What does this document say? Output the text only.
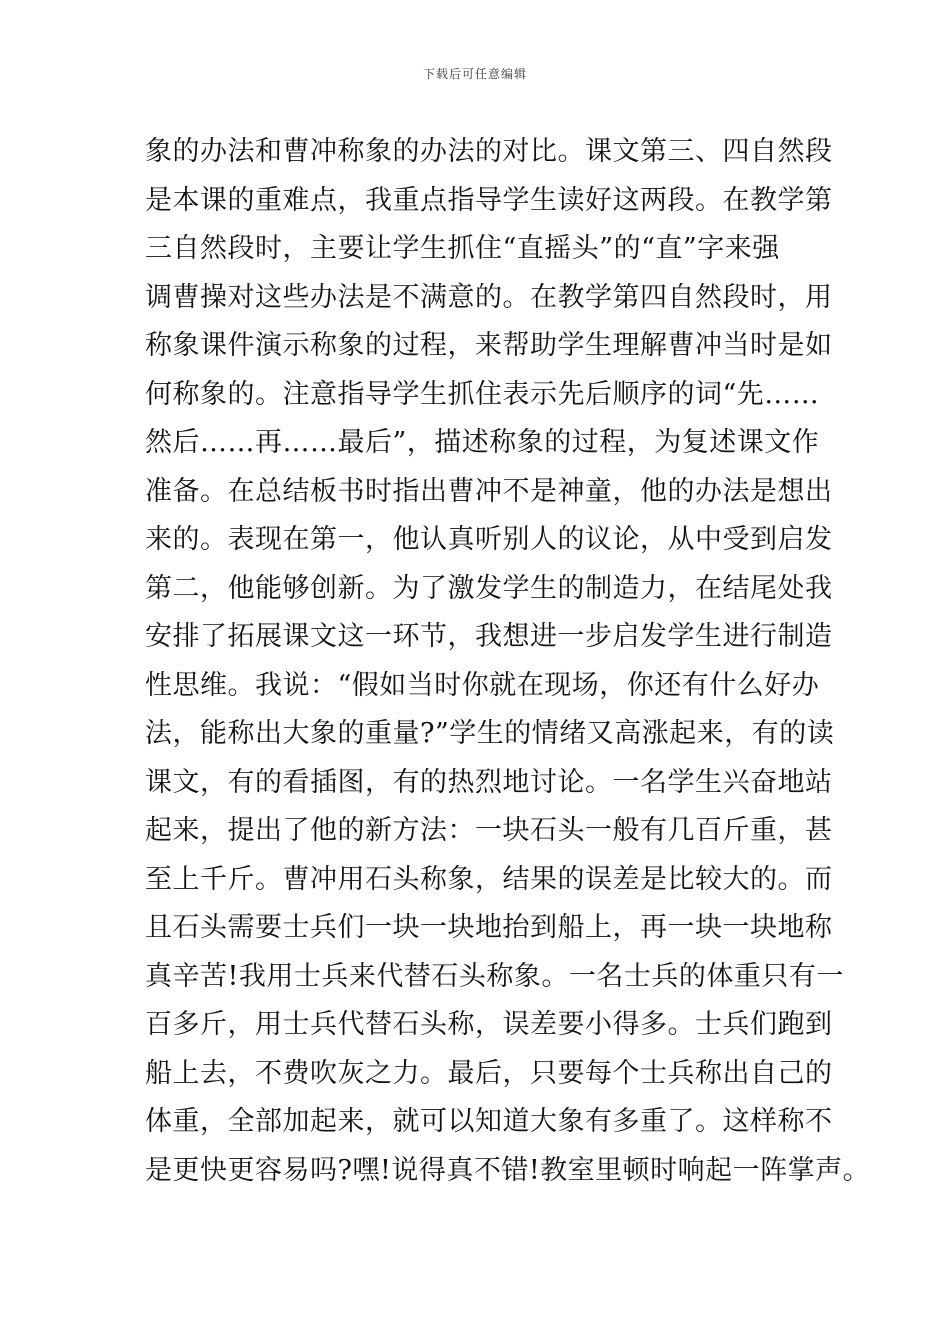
下载后可任意编辑
象的办法和曹冲称象的办法的对比。课文第三、四自然段
是本课的重难点，我重点指导学生读好这两段。在教学第
三自然段时，主要让学生抓住“直摇头”的“直”字来强
调曹操对这些办法是不满意的。在教学第四自然段时，用
称象课件演示称象的过程，来帮助学生理解曹冲当时是如
何称象的。注意指导学生抓住表示先后顺序的词“先……
然后……再……最后”，描述称象的过程，为复述课文作
准备。在总结板书时指出曹冲不是神童，他的办法是想出
来的。表现在第一，他认真听别人的议论，从中受到启发
第二，他能够创新。为了激发学生的制造力，在结尾处我
安排了拓展课文这一环节，我想进一步启发学生进行制造
性思维。我说：“假如当时你就在现场，你还有什么好办
法，能称出大象的重量?”学生的情绪又高涨起来，有的读
课文，有的看插图，有的热烈地讨论。一名学生兴奋地站
起来，提出了他的新方法：一块石头一般有几百斤重，甚
至上千斤。曹冲用石头称象，结果的误差是比较大的。而
且石头需要士兵们一块一块地抬到船上，再一块一块地称
真辛苦!我用士兵来代替石头称象。一名士兵的体重只有一
百多斤，用士兵代替石头称，误差要小得多。士兵们跑到
船上去，不费吹灰之力。最后，只要每个士兵称出自己的
体重，全部加起来，就可以知道大象有多重了。这样称不
是更快更容易吗?嘿!说得真不错!教室里顿时响起一阵掌声。
